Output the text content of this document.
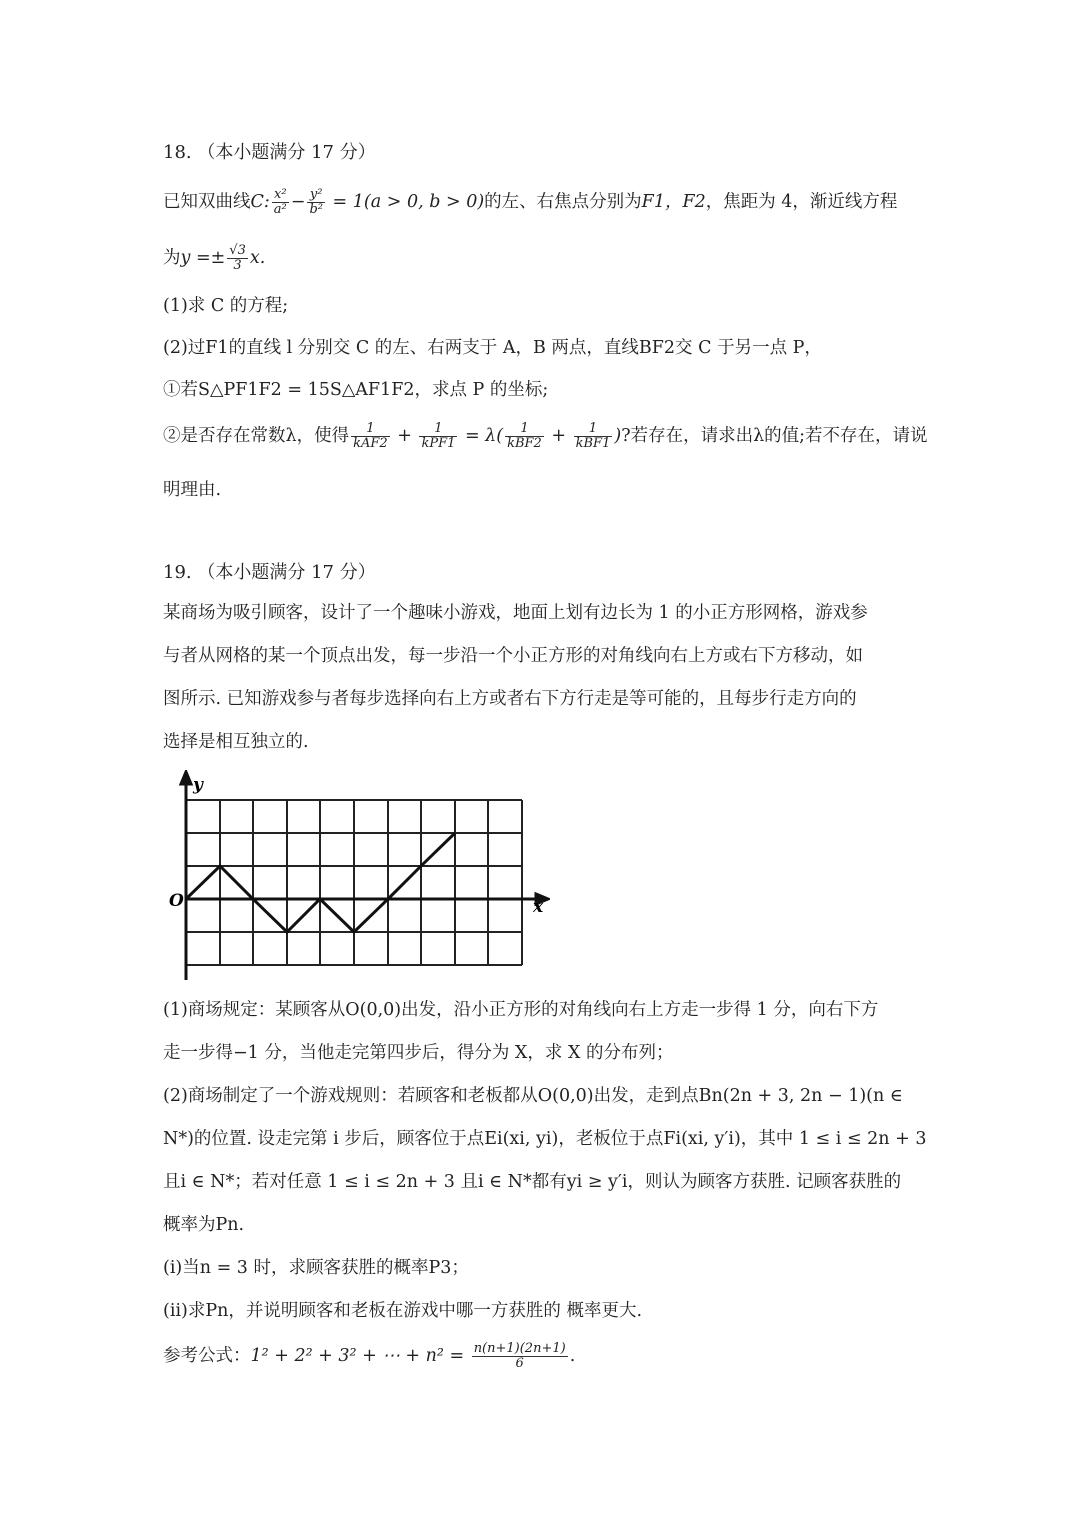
18. （本小题满分 17 分）
已知双曲线C: $\frac{\text{x²}}{\text{a²}} - \frac{\text{y²}}{\text{b²}} = 1(a > 0$, b > 0)的左、右焦点分别为F1，F2，焦距为 4，渐近线方程
为$y =\pm \frac{√3}{3} x$.
(1)求 C 的方程;
(2)过F1的直线 l 分别交 C 的左、右两支于 A，B 两点，直线BF2交 C 于另一点 P，
①若S△PF1F2 = 15S△AF1F2，求点 P 的坐标;
②是否存在常数λ，使得 $\frac{1}{\text{kAF2}} + \frac{1}{\text{kPF1}} = \lambda( \frac{1}{\text{kBF2}} + \frac{1}{\text{kBF1}}$ )?若存在，请求出λ的值;若不存在，请说
明理由.
19. （本小题满分 17 分）
某商场为吸引顾客，设计了一个趣味小游戏，地面上划有边长为 1 的小正方形网格，游戏参
与者从网格的某一个顶点出发，每一步沿一个小正方形的对角线向右上方或右下方移动，如
图所示. 已知游戏参与者每步选择向右上方或者右下方行走是等可能的，且每步行走方向的
选择是相互独立的.
y
x
O
(1)商场规定：某顾客从O(0,0)出发，沿小正方形的对角线向右上方走一步得 1 分，向右下方
走一步得−1 分，当他走完第四步后，得分为 X，求 X 的分布列；
(2)商场制定了一个游戏规则：若顾客和老板都从O(0,0)出发，走到点Bn(2n + 3, 2n − 1)(n ∈
N*)的位置. 设走完第 i 步后，顾客位于点Ei(xi, yi)，老板位于点Fi(xi, y′i)，其中 1 ≤ i ≤ 2n + 3
且i ∈ N*；若对任意 1 ≤ i ≤ 2n + 3 且i ∈ N*都有yi ≥ y′i，则认为顾客方获胜. 记顾客获胜的
概率为Pn.
(i)当n = 3 时，求顾客获胜的概率P3；
(ⅱ)求Pn，并说明顾客和老板在游戏中哪一方获胜的 概率更大.
参考公式：1² + 2² + 3² + ⋯ + $n^2 = \frac{n(n+1)(2n+1)}{6}$ .
